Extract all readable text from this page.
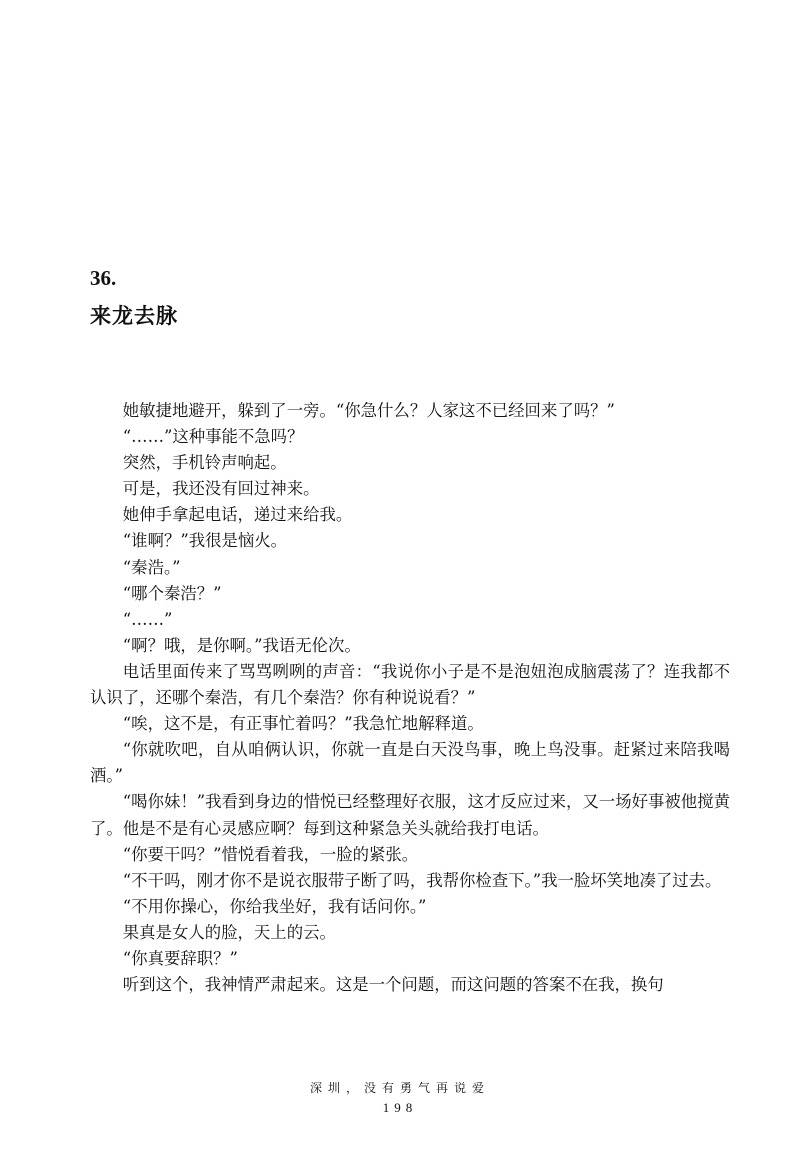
36.
来龙去脉

她敏捷地避开，躲到了一旁。“你急什么？人家这不已经回来了吗？”

“……”这种事能不急吗？

突然，手机铃声响起。

可是，我还没有回过神来。

她伸手拿起电话，递过来给我。

“谁啊？”我很是恼火。

“秦浩。”

“哪个秦浩？”

“……”

“啊？哦，是你啊。”我语无伦次。

电话里面传来了骂骂咧咧的声音：“我说你小子是不是泡妞泡成脑震荡了？连我都不认识了，还哪个秦浩，有几个秦浩？你有种说说看？”

“唉，这不是，有正事忙着吗？”我急忙地解释道。

“你就吹吧，自从咱俩认识，你就一直是白天没鸟事，晚上鸟没事。赶紧过来陪我喝酒。”

“喝你妹！”我看到身边的惜悦已经整理好衣服，这才反应过来，又一场好事被他搅黄了。他是不是有心灵感应啊？每到这种紧急关头就给我打电话。

“你要干吗？”惜悦看着我，一脸的紧张。

“不干吗，刚才你不是说衣服带子断了吗，我帮你检查下。”我一脸坏笑地凑了过去。

“不用你操心，你给我坐好，我有话问你。”

果真是女人的脸，天上的云。

“你真要辞职？”

听到这个，我神情严肃起来。这是一个问题，而这问题的答案不在我，换句

深圳，没有勇气再说爱
198
